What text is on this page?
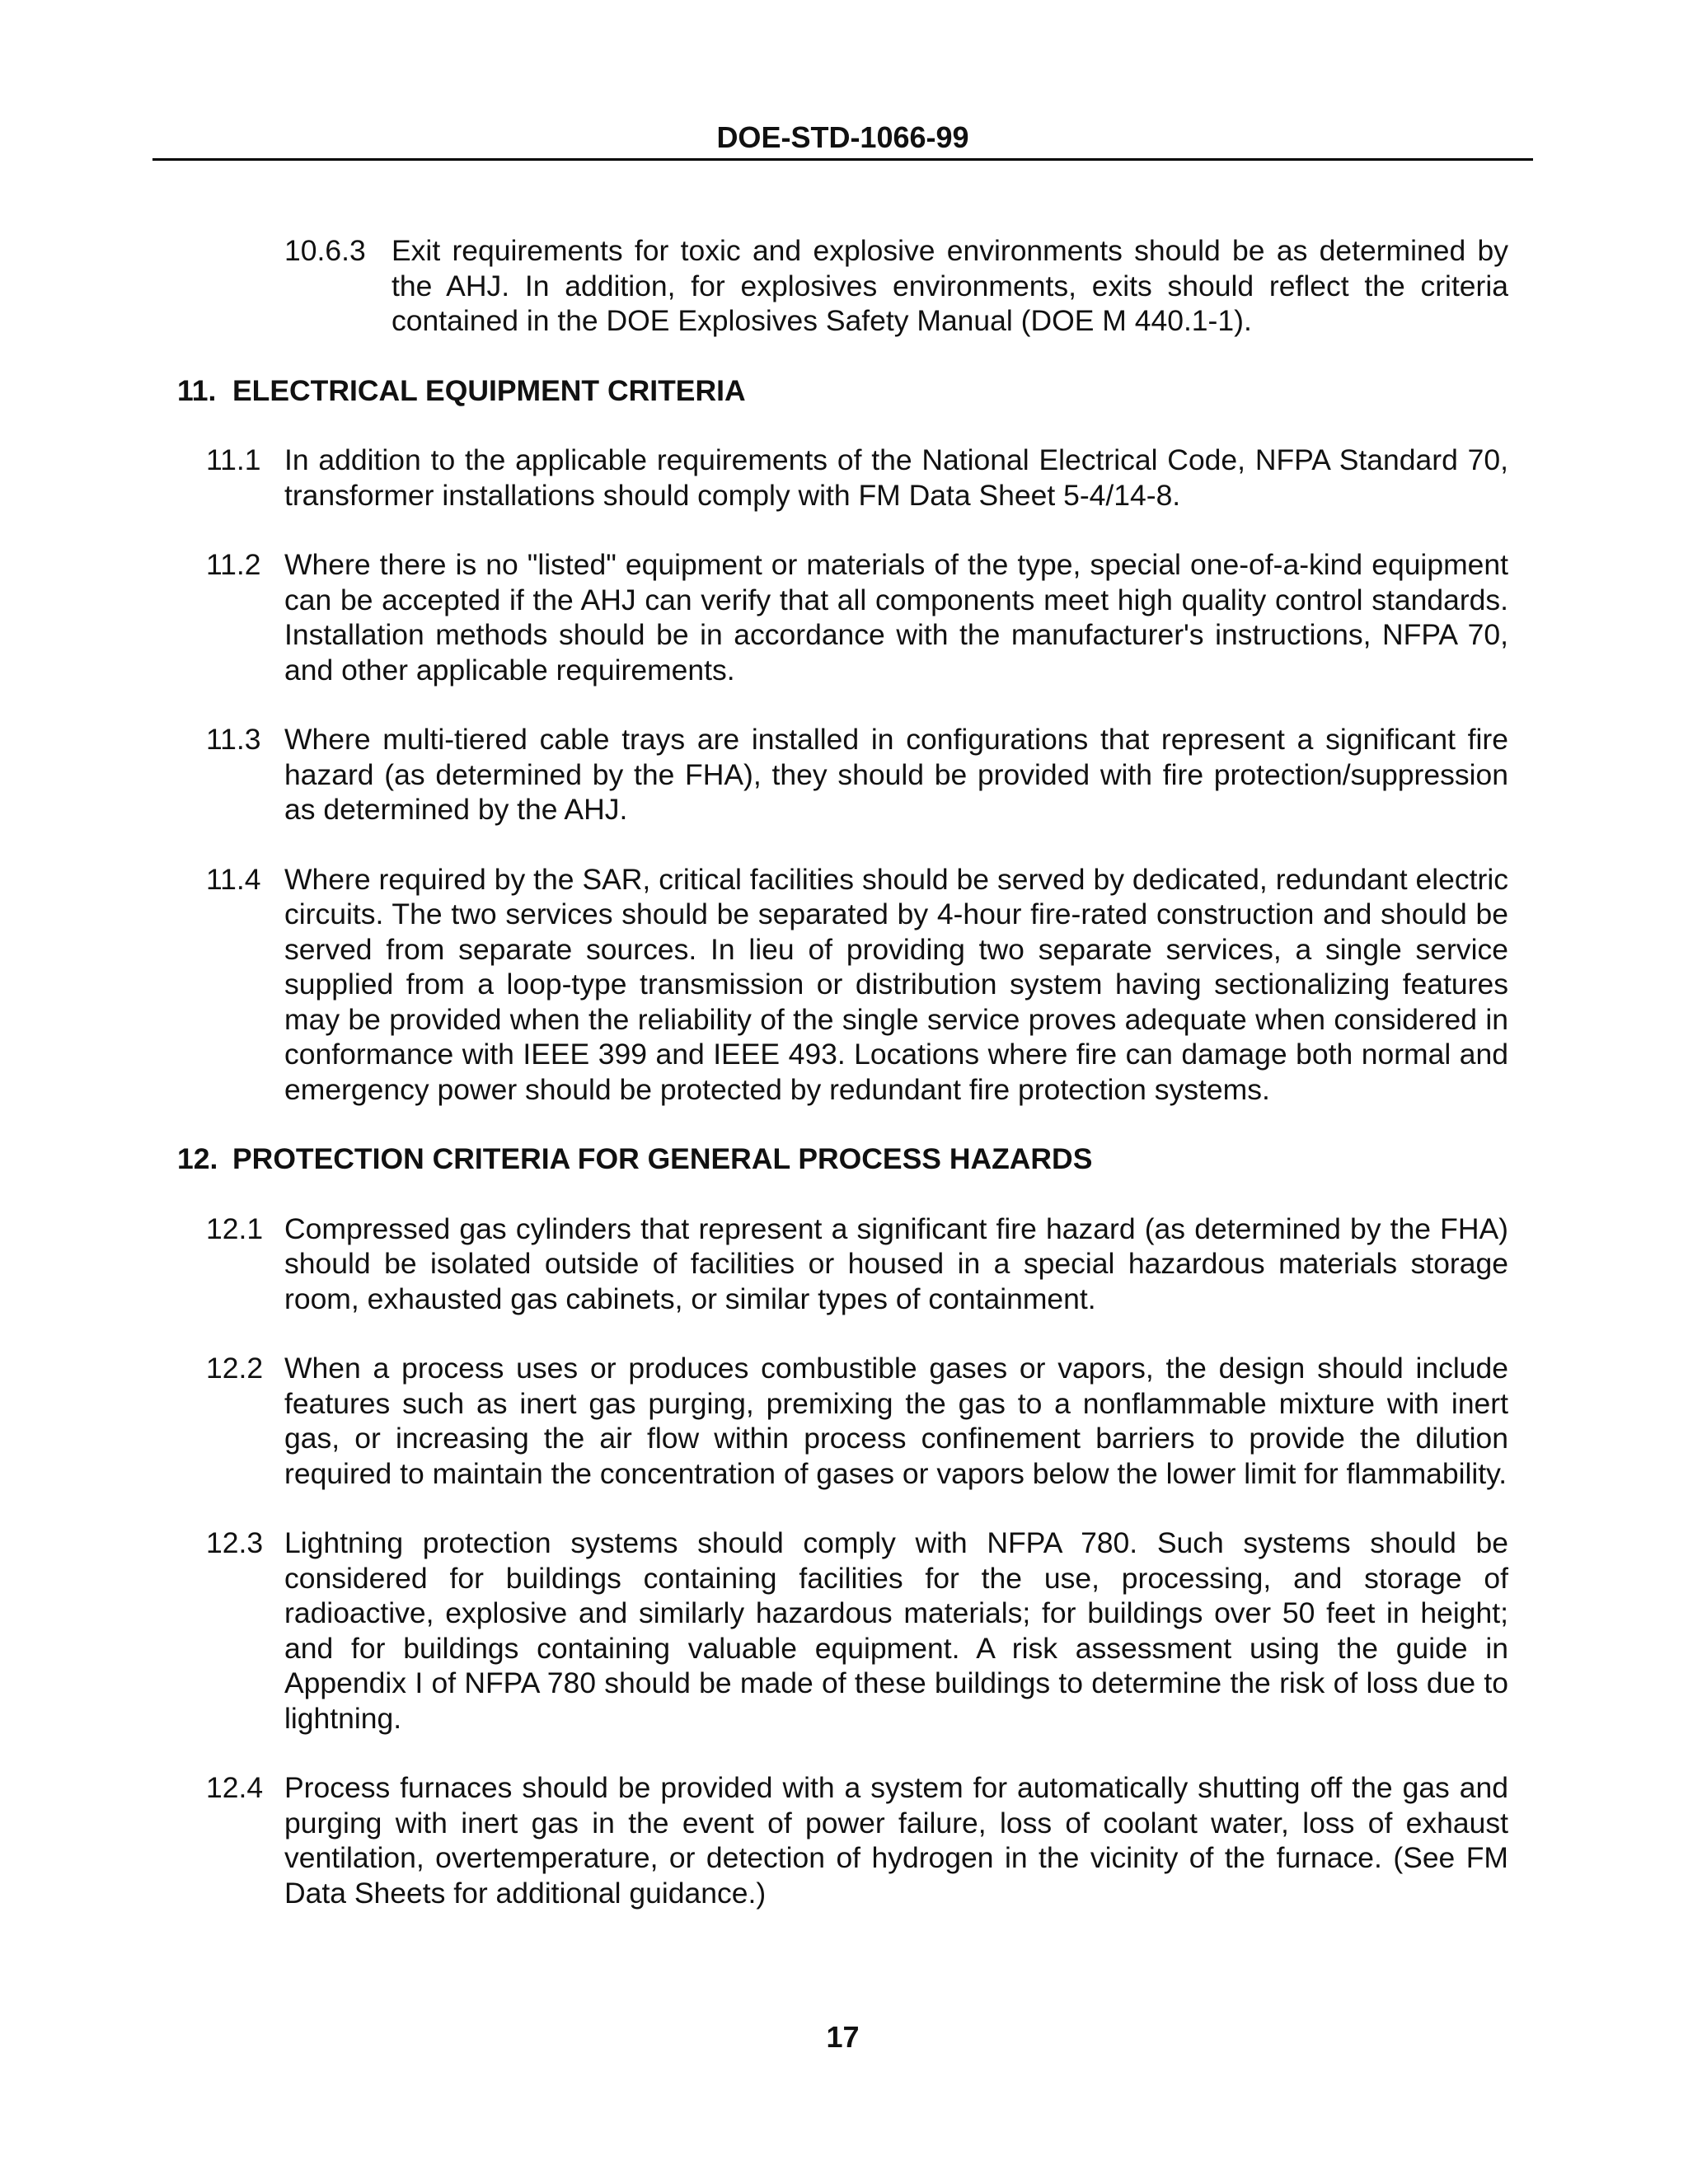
DOE-STD-1066-99
10.6.3 Exit requirements for toxic and explosive environments should be as determined by the AHJ. In addition, for explosives environments, exits should reflect the criteria contained in the DOE Explosives Safety Manual (DOE M 440.1-1).
11. ELECTRICAL EQUIPMENT CRITERIA
11.1 In addition to the applicable requirements of the National Electrical Code, NFPA Standard 70, transformer installations should comply with FM Data Sheet 5-4/14-8.
11.2 Where there is no "listed" equipment or materials of the type, special one-of-a-kind equipment can be accepted if the AHJ can verify that all components meet high quality control standards. Installation methods should be in accordance with the manufacturer's instructions, NFPA 70, and other applicable requirements.
11.3 Where multi-tiered cable trays are installed in configurations that represent a significant fire hazard (as determined by the FHA), they should be provided with fire protection/suppression as determined by the AHJ.
11.4 Where required by the SAR, critical facilities should be served by dedicated, redundant electric circuits. The two services should be separated by 4-hour fire-rated construction and should be served from separate sources. In lieu of providing two separate services, a single service supplied from a loop-type transmission or distribution system having sectionalizing features may be provided when the reliability of the single service proves adequate when considered in conformance with IEEE 399 and IEEE 493. Locations where fire can damage both normal and emergency power should be protected by redundant fire protection systems.
12. PROTECTION CRITERIA FOR GENERAL PROCESS HAZARDS
12.1 Compressed gas cylinders that represent a significant fire hazard (as determined by the FHA) should be isolated outside of facilities or housed in a special hazardous materials storage room, exhausted gas cabinets, or similar types of containment.
12.2 When a process uses or produces combustible gases or vapors, the design should include features such as inert gas purging, premixing the gas to a nonflammable mixture with inert gas, or increasing the air flow within process confinement barriers to provide the dilution required to maintain the concentration of gases or vapors below the lower limit for flammability.
12.3 Lightning protection systems should comply with NFPA 780. Such systems should be considered for buildings containing facilities for the use, processing, and storage of radioactive, explosive and similarly hazardous materials; for buildings over 50 feet in height; and for buildings containing valuable equipment. A risk assessment using the guide in Appendix I of NFPA 780 should be made of these buildings to determine the risk of loss due to lightning.
12.4 Process furnaces should be provided with a system for automatically shutting off the gas and purging with inert gas in the event of power failure, loss of coolant water, loss of exhaust ventilation, overtemperature, or detection of hydrogen in the vicinity of the furnace. (See FM Data Sheets for additional guidance.)
17
